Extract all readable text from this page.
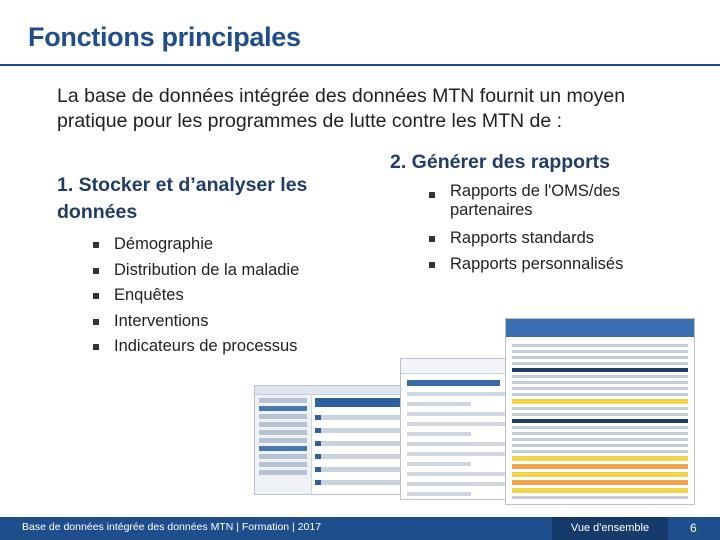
Fonctions principales
La base de données intégrée des données MTN fournit un moyen pratique pour les programmes de lutte contre les MTN de :
1. Stocker et d’analyser les données
Démographie
Distribution de la maladie
Enquêtes
Interventions
Indicateurs de processus
2. Générer des rapports
Rapports de l'OMS/des partenaires
Rapports standards
Rapports personnalisés
Base de données intégrée des données MTN | Formation | 2017	Vue d'ensemble	6
